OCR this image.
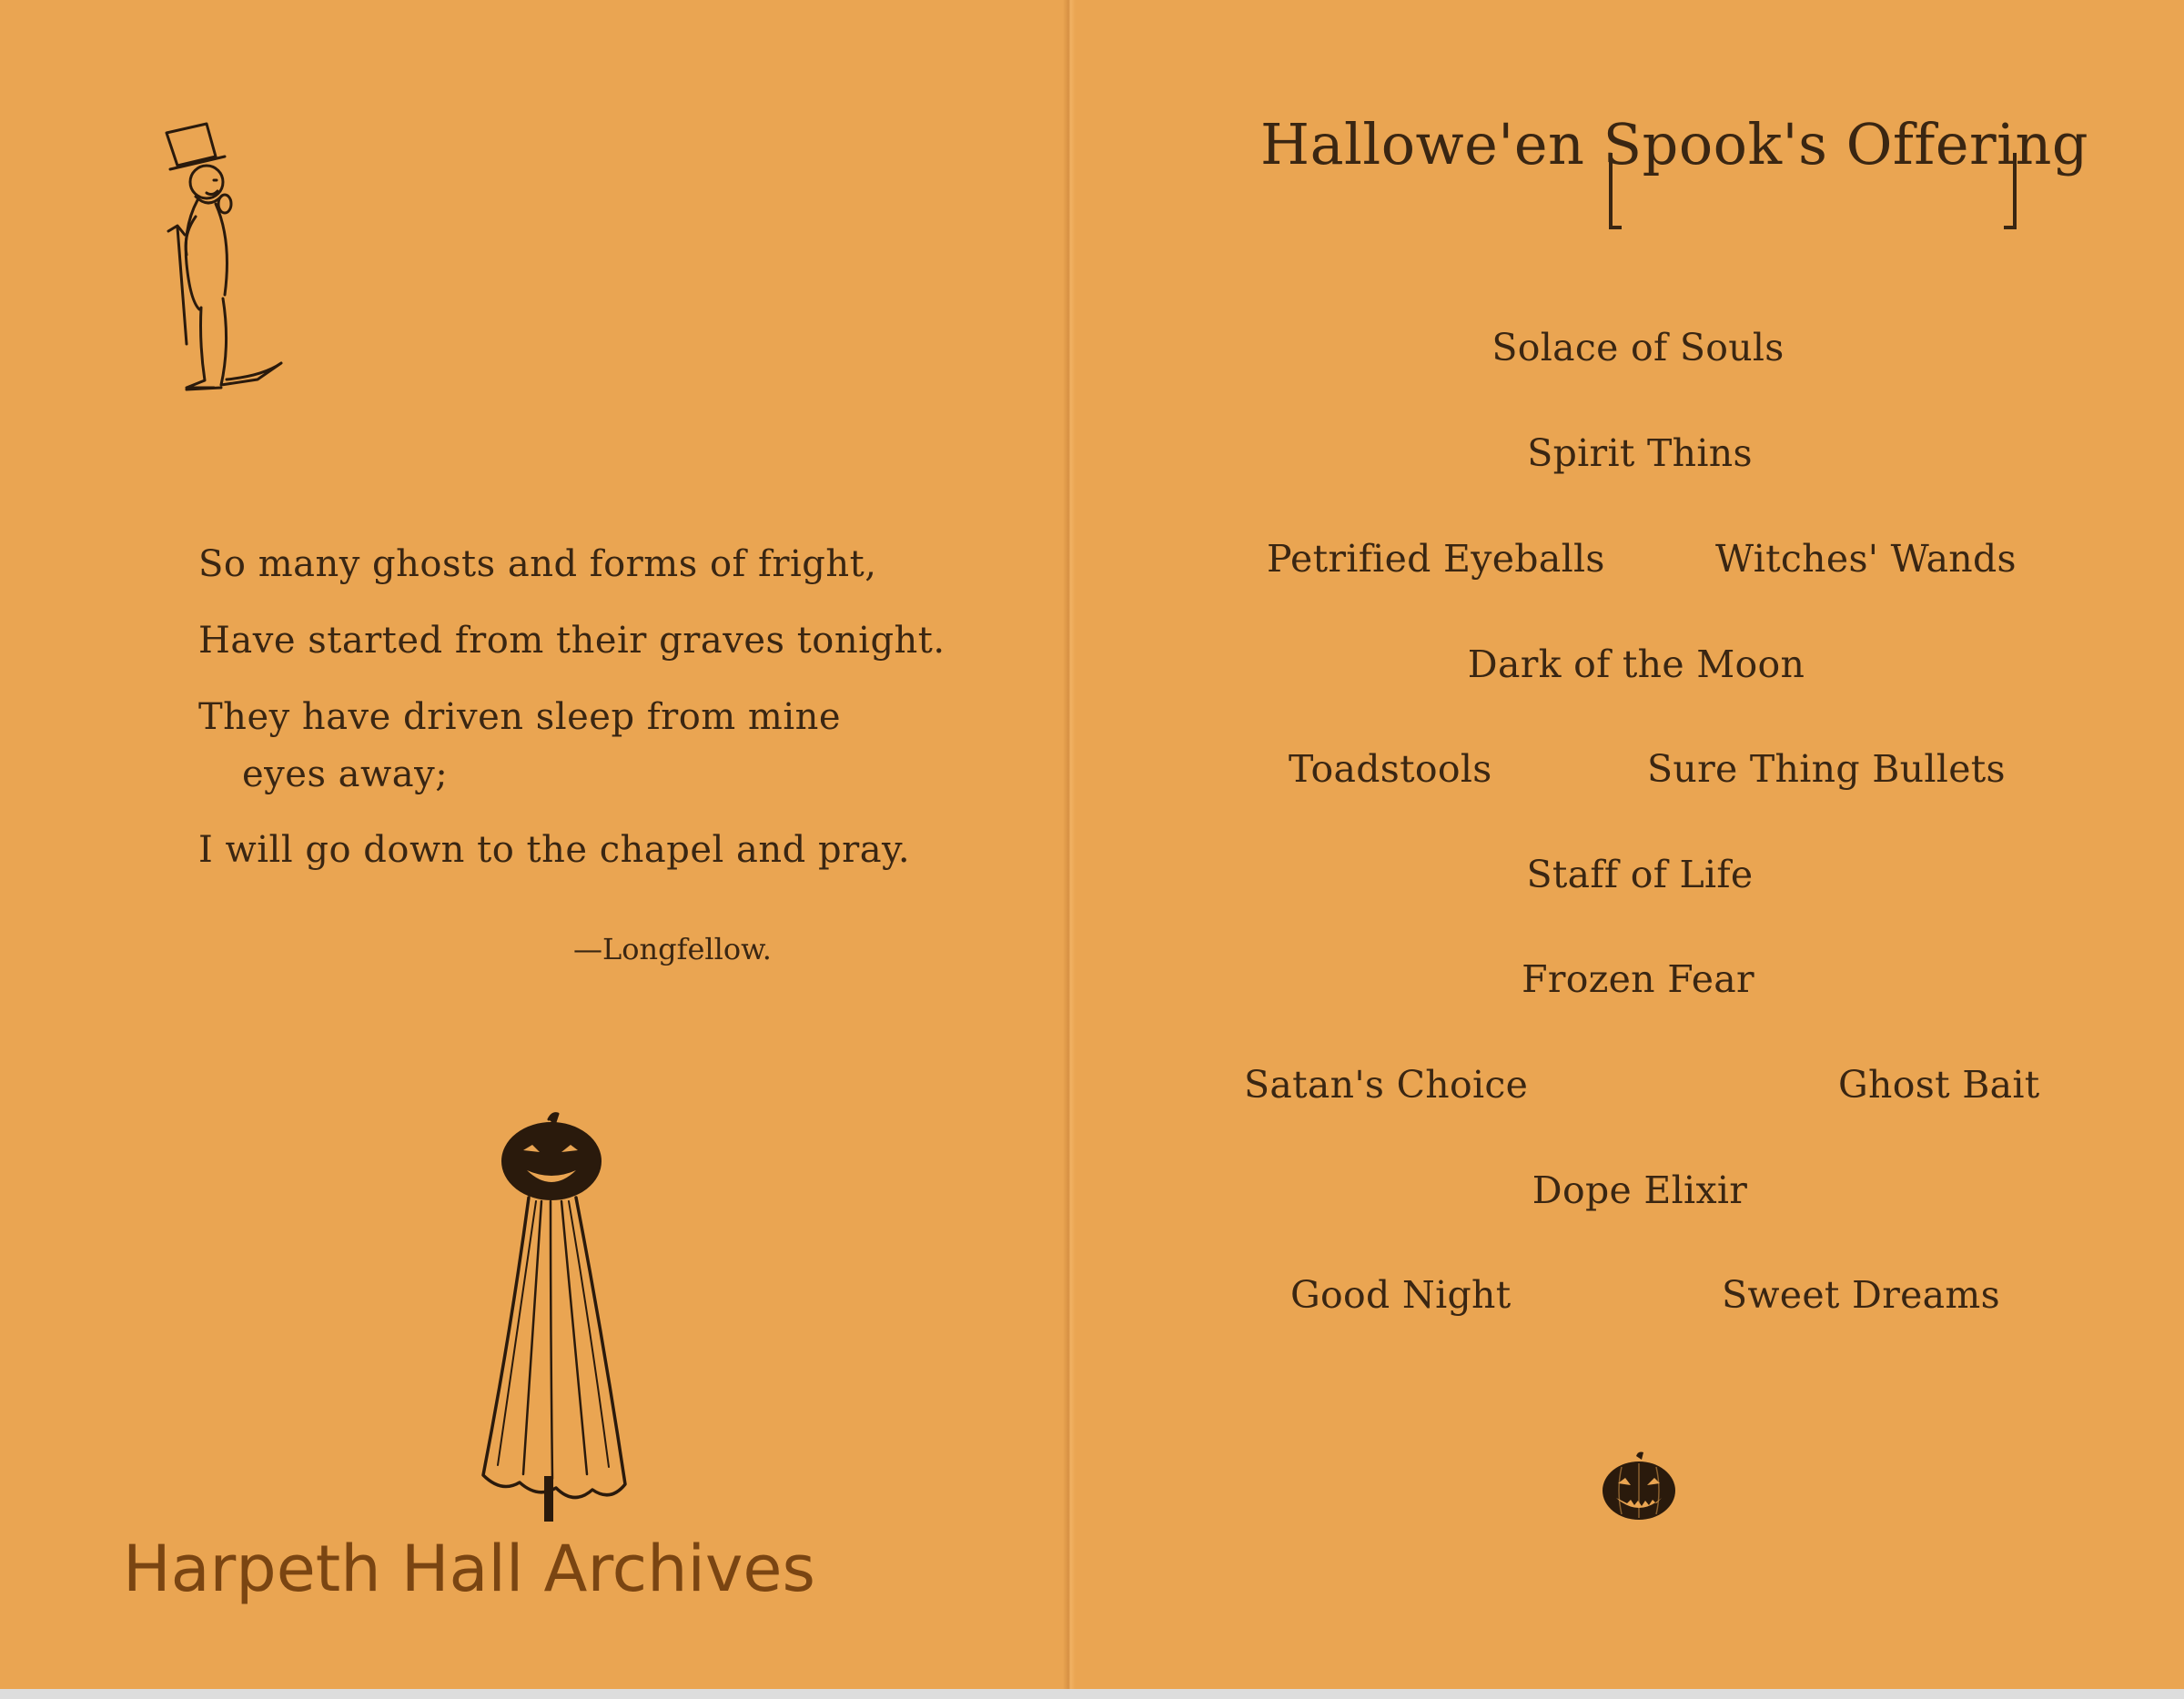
So many ghosts and forms of fright,
Have started from their graves tonight.
They have driven sleep from mine
eyes away;
I will go down to the chapel and pray.
—Longfellow.
Harpeth Hall Archives
Hallowe'en Spook's Offering
Solace of Souls
Spirit Thins
Petrified Eyeballs	Witches' Wands
Dark of the Moon
Toadstools	Sure Thing Bullets
Staff of Life
Frozen Fear
Satan's Choice	Ghost Bait
Dope Elixir
Good Night	Sweet Dreams
